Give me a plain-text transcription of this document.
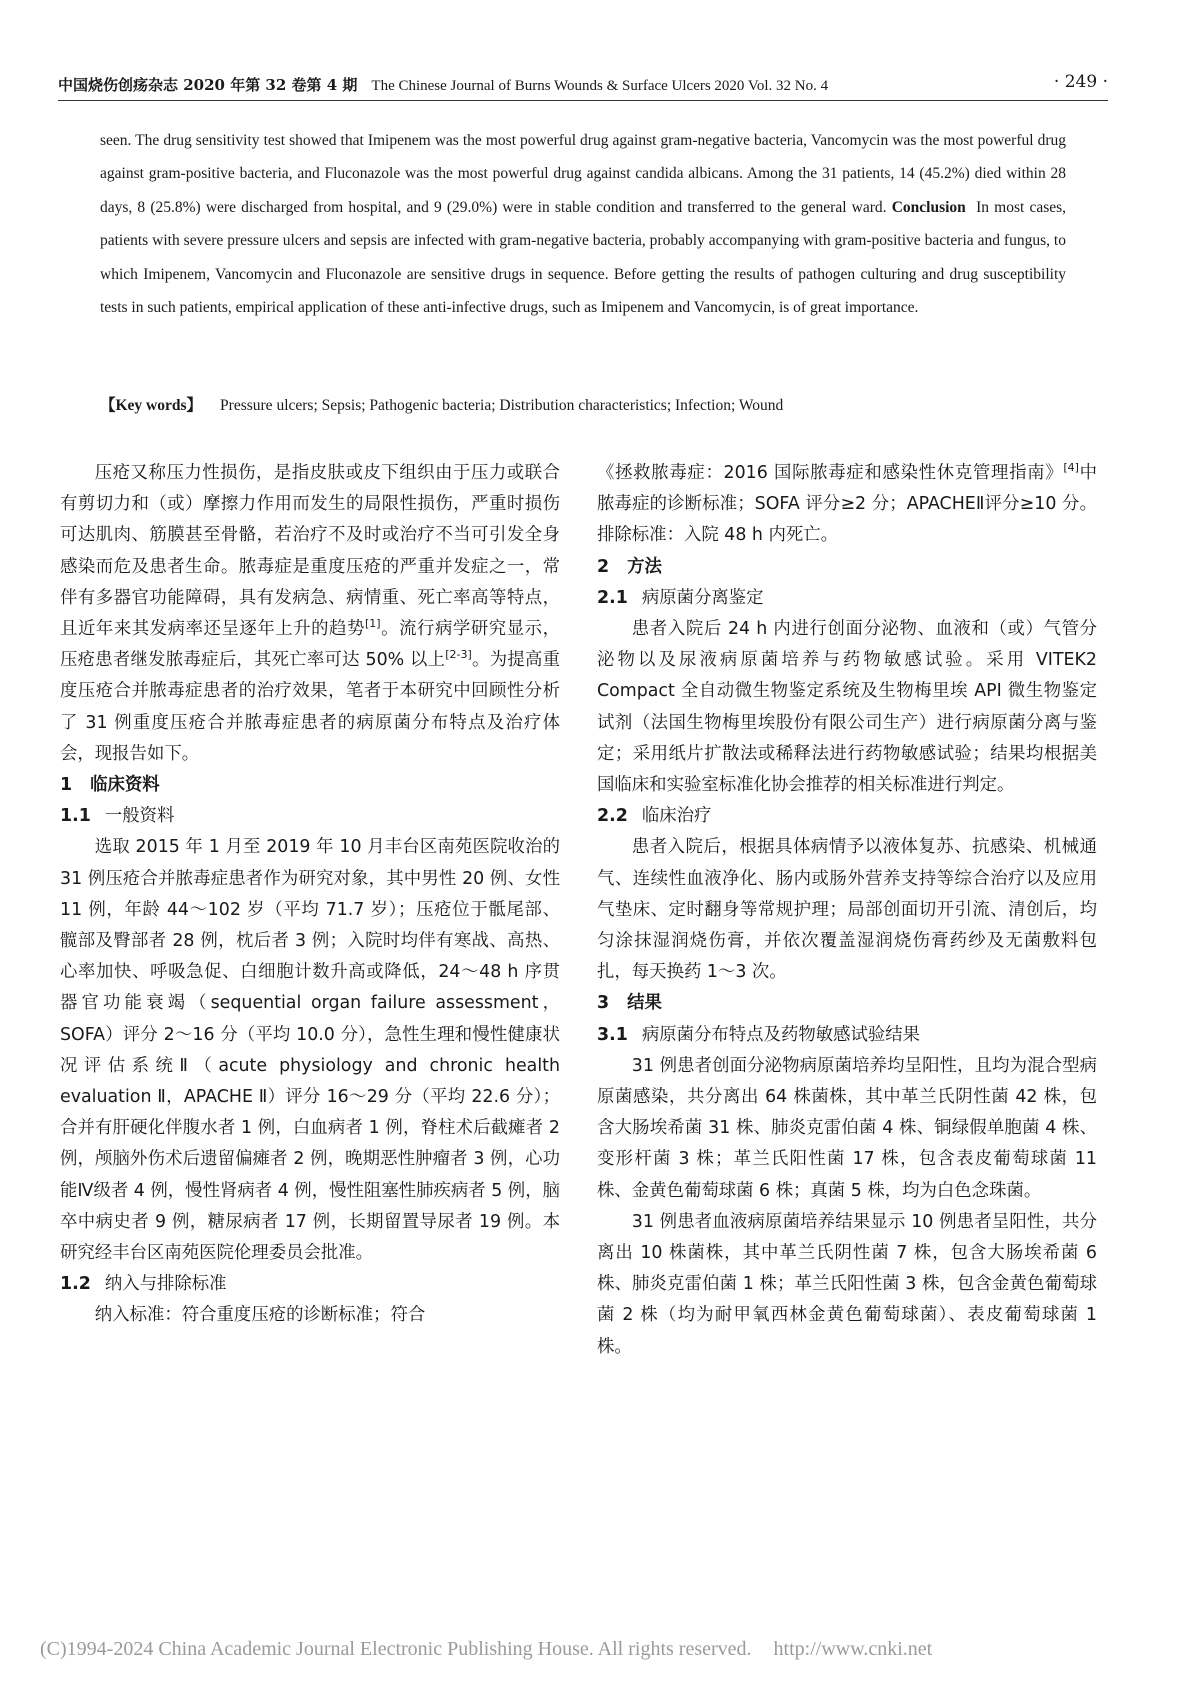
中国烧伤创疡杂志 2020 年第 32 卷第 4 期 The Chinese Journal of Burns Wounds & Surface Ulcers 2020 Vol. 32 No. 4	· 249 ·

seen. The drug sensitivity test showed that Imipenem was the most powerful drug against gram-negative bacteria, Vancomycin was the most powerful drug against gram-positive bacteria, and Fluconazole was the most powerful drug against candida albicans. Among the 31 patients, 14 (45.2%) died within 28 days, 8 (25.8%) were discharged from hospital, and 9 (29.0%) were in stable condition and transferred to the general ward. Conclusion In most cases, patients with severe pressure ulcers and sepsis are infected with gram-negative bacteria, probably accompanying with gram-positive bacteria and fungus, to which Imipenem, Vancomycin and Fluconazole are sensitive drugs in sequence. Before getting the results of pathogen culturing and drug susceptibility tests in such patients, empirical application of these anti-infective drugs, such as Imipenem and Vancomycin, is of great importance.

【Key words】 Pressure ulcers; Sepsis; Pathogenic bacteria; Distribution characteristics; Infection; Wound

压疮又称压力性损伤，是指皮肤或皮下组织由于压力或联合有剪切力和（或）摩擦力作用而发生的局限性损伤，严重时损伤可达肌肉、筋膜甚至骨骼，若治疗不及时或治疗不当可引发全身感染而危及患者生命。脓毒症是重度压疮的严重并发症之一，常伴有多器官功能障碍，具有发病急、病情重、死亡率高等特点，且近年来其发病率还呈逐年上升的趋势[1]。流行病学研究显示，压疮患者继发脓毒症后，其死亡率可达 50% 以上[2-3]。为提高重度压疮合并脓毒症患者的治疗效果，笔者于本研究中回顾性分析了 31 例重度压疮合并脓毒症患者的病原菌分布特点及治疗体会，现报告如下。

1 临床资料
1.1 一般资料

选取 2015 年 1 月至 2019 年 10 月丰台区南苑医院收治的 31 例压疮合并脓毒症患者作为研究对象，其中男性 20 例、女性 11 例，年龄 44～102 岁（平均 71.7 岁）；压疮位于骶尾部、髋部及臀部者 28 例，枕后者 3 例；入院时均伴有寒战、高热、心率加快、呼吸急促、白细胞计数升高或降低，24～48 h 序贯器官功能衰竭（sequential organ failure assessment，SOFA）评分 2～16 分（平均 10.0 分），急性生理和慢性健康状况评估系统Ⅱ（acute physiology and chronic health evaluation Ⅱ，APACHE Ⅱ）评分 16～29 分（平均 22.6 分）；合并有肝硬化伴腹水者 1 例，白血病者 1 例，脊柱术后截瘫者 2 例，颅脑外伤术后遗留偏瘫者 2 例，晚期恶性肿瘤者 3 例，心功能Ⅳ级者 4 例，慢性肾病者 4 例，慢性阻塞性肺疾病者 5 例，脑卒中病史者 9 例，糖尿病者 17 例，长期留置导尿者 19 例。本研究经丰台区南苑医院伦理委员会批准。

1.2 纳入与排除标准

纳入标准：符合重度压疮的诊断标准；符合

《拯救脓毒症：2016 国际脓毒症和感染性休克管理指南》[4]中脓毒症的诊断标准；SOFA 评分≥2 分；APACHEⅡ评分≥10 分。排除标准：入院 48 h 内死亡。

2 方法
2.1 病原菌分离鉴定

患者入院后 24 h 内进行创面分泌物、血液和（或）气管分泌物以及尿液病原菌培养与药物敏感试验。采用 VITEK2 Compact 全自动微生物鉴定系统及生物梅里埃 API 微生物鉴定试剂（法国生物梅里埃股份有限公司生产）进行病原菌分离与鉴定；采用纸片扩散法或稀释法进行药物敏感试验；结果均根据美国临床和实验室标准化协会推荐的相关标准进行判定。

2.2 临床治疗

患者入院后，根据具体病情予以液体复苏、抗感染、机械通气、连续性血液净化、肠内或肠外营养支持等综合治疗以及应用气垫床、定时翻身等常规护理；局部创面切开引流、清创后，均匀涂抹湿润烧伤膏，并依次覆盖湿润烧伤膏药纱及无菌敷料包扎，每天换药 1～3 次。

3 结果
3.1 病原菌分布特点及药物敏感试验结果

31 例患者创面分泌物病原菌培养均呈阳性，且均为混合型病原菌感染，共分离出 64 株菌株，其中革兰氏阴性菌 42 株，包含大肠埃希菌 31 株、肺炎克雷伯菌 4 株、铜绿假单胞菌 4 株、变形杆菌 3 株；革兰氏阳性菌 17 株，包含表皮葡萄球菌 11 株、金黄色葡萄球菌 6 株；真菌 5 株，均为白色念珠菌。

31 例患者血液病原菌培养结果显示 10 例患者呈阳性，共分离出 10 株菌株，其中革兰氏阴性菌 7 株，包含大肠埃希菌 6 株、肺炎克雷伯菌 1 株；革兰氏阳性菌 3 株，包含金黄色葡萄球菌 2 株（均为耐甲氧西林金黄色葡萄球菌）、表皮葡萄球菌 1 株。

(C)1994-2024 China Academic Journal Electronic Publishing House. All rights reserved. http://www.cnki.net
